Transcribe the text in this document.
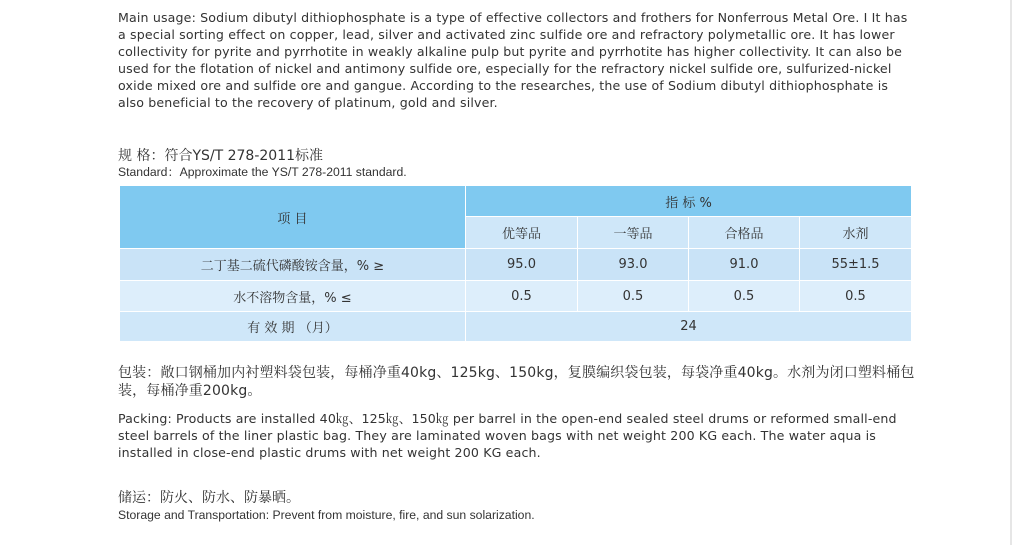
Main usage: Sodium dibutyl dithiophosphate is a type of effective collectors and frothers for Nonferrous Metal Ore. I It has a special sorting effect on copper, lead, silver and activated zinc sulfide ore and refractory polymetallic ore. It has lower collectivity for pyrite and pyrrhotite in weakly alkaline pulp but pyrite and pyrrhotite has higher collectivity. It can also be used for the flotation of nickel and antimony sulfide ore, especially for the refractory nickel sulfide ore, sulfurized-nickel oxide mixed ore and sulfide ore and gangue. According to the researches, the use of Sodium dibutyl dithiophosphate is also beneficial to the recovery of platinum, gold and silver.

规 格：符合YS/T 278-2011标准

Standard：Approximate the YS/T 278-2011 standard.

项 目	指 标 %			
	优等品	一等品	合格品	水剂
二丁基二硫代磷酸铵含量，% ≥	95.0	93.0	91.0	55±1.5
水不溶物含量，% ≤	0.5	0.5	0.5	0.5
有 效 期 （月）	24			

包装：敞口钢桶加内衬塑料袋包装，每桶净重40kg、125kg、150kg，复膜编织袋包装，每袋净重40kg。水剂为闭口塑料桶包装，每桶净重200kg。

Packing: Products are installed 40㎏、125㎏、150㎏ per barrel in the open-end sealed steel drums or reformed small-end steel barrels of the liner plastic bag. They are laminated woven bags with net weight 200 KG each. The water aqua is installed in close-end plastic drums with net weight 200 KG each.

储运：防火、防水、防暴晒。

Storage and Transportation: Prevent from moisture, fire, and sun solarization.
